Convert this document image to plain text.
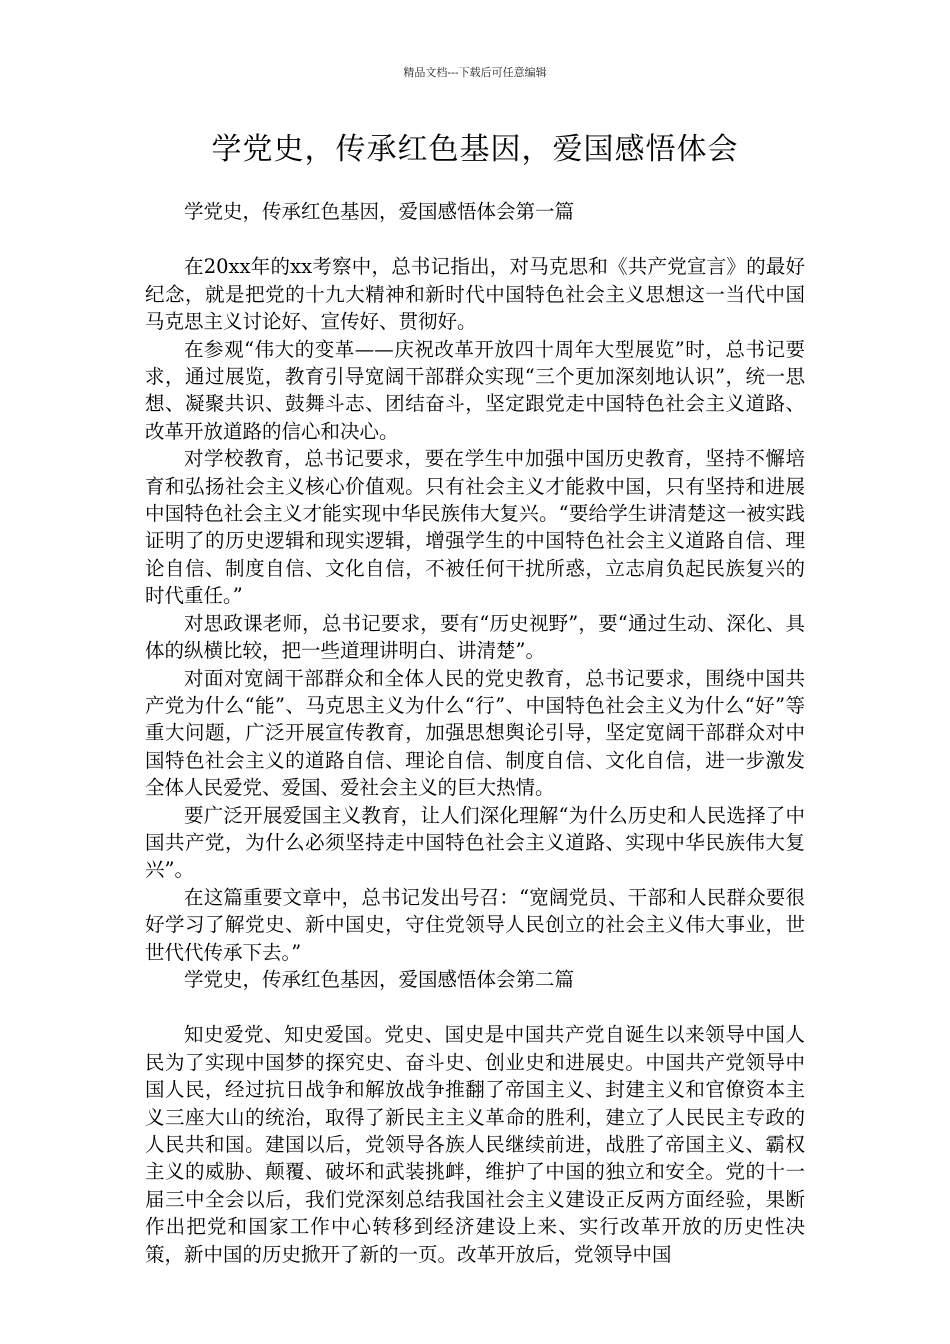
精品文档---下载后可任意编辑
学党史，传承红色基因，爱国感悟体会

学党史，传承红色基因，爱国感悟体会第一篇

在20xx年的xx考察中，总书记指出，对马克思和《共产党宣言》的最好纪念，就是把党的十九大精神和新时代中国特色社会主义思想这一当代中国马克思主义讨论好、宣传好、贯彻好。

在参观“伟大的变革——庆祝改革开放四十周年大型展览”时，总书记要求，通过展览，教育引导宽阔干部群众实现“三个更加深刻地认识”，统一思想、凝聚共识、鼓舞斗志、团结奋斗，坚定跟党走中国特色社会主义道路、改革开放道路的信心和决心。

对学校教育，总书记要求，要在学生中加强中国历史教育，坚持不懈培育和弘扬社会主义核心价值观。只有社会主义才能救中国，只有坚持和进展中国特色社会主义才能实现中华民族伟大复兴。“要给学生讲清楚这一被实践证明了的历史逻辑和现实逻辑，增强学生的中国特色社会主义道路自信、理论自信、制度自信、文化自信，不被任何干扰所惑，立志肩负起民族复兴的时代重任。”

对思政课老师，总书记要求，要有“历史视野”，要“通过生动、深化、具体的纵横比较，把一些道理讲明白、讲清楚”。

对面对宽阔干部群众和全体人民的党史教育，总书记要求，围绕中国共产党为什么“能”、马克思主义为什么“行”、中国特色社会主义为什么“好”等重大问题，广泛开展宣传教育，加强思想舆论引导，坚定宽阔干部群众对中国特色社会主义的道路自信、理论自信、制度自信、文化自信，进一步激发全体人民爱党、爱国、爱社会主义的巨大热情。

要广泛开展爱国主义教育，让人们深化理解“为什么历史和人民选择了中国共产党，为什么必须坚持走中国特色社会主义道路、实现中华民族伟大复兴”。

在这篇重要文章中，总书记发出号召：“宽阔党员、干部和人民群众要很好学习了解党史、新中国史，守住党领导人民创立的社会主义伟大事业，世世代代传承下去。”

学党史，传承红色基因，爱国感悟体会第二篇

知史爱党、知史爱国。党史、国史是中国共产党自诞生以来领导中国人民为了实现中国梦的探究史、奋斗史、创业史和进展史。中国共产党领导中国人民，经过抗日战争和解放战争推翻了帝国主义、封建主义和官僚资本主义三座大山的统治，取得了新民主主义革命的胜利，建立了人民民主专政的人民共和国。建国以后，党领导各族人民继续前进，战胜了帝国主义、霸权主义的威胁、颠覆、破坏和武装挑衅，维护了中国的独立和安全。党的十一届三中全会以后，我们党深刻总结我国社会主义建设正反两方面经验，果断作出把党和国家工作中心转移到经济建设上来、实行改革开放的历史性决策，新中国的历史掀开了新的一页。改革开放后，党领导中国
